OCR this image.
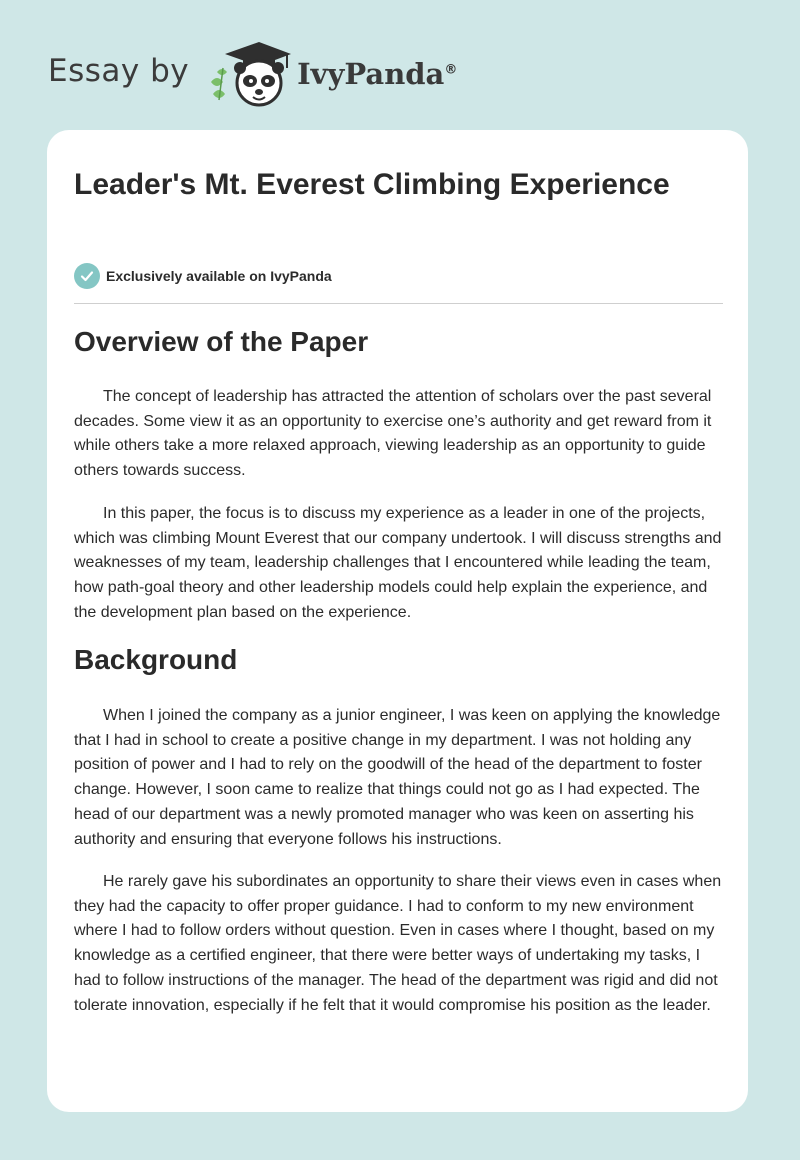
Essay by	IvyPanda®
Leader's Mt. Everest Climbing Experience
Exclusively available on IvyPanda
Overview of the Paper

The concept of leadership has attracted the attention of scholars over the past several decades. Some view it as an opportunity to exercise one’s authority and get reward from it while others take a more relaxed approach, viewing leadership as an opportunity to guide others towards success.

In this paper, the focus is to discuss my experience as a leader in one of the projects, which was climbing Mount Everest that our company undertook. I will discuss strengths and weaknesses of my team, leadership challenges that I encountered while leading the team, how path-goal theory and other leadership models could help explain the experience, and the development plan based on the experience.

Background

When I joined the company as a junior engineer, I was keen on applying the knowledge that I had in school to create a positive change in my department. I was not holding any position of power and I had to rely on the goodwill of the head of the department to foster change. However, I soon came to realize that things could not go as I had expected. The head of our department was a newly promoted manager who was keen on asserting his authority and ensuring that everyone follows his instructions.

He rarely gave his subordinates an opportunity to share their views even in cases when they had the capacity to offer proper guidance. I had to conform to my new environment where I had to follow orders without question. Even in cases where I thought, based on my knowledge as a certified engineer, that there were better ways of undertaking my tasks, I had to follow instructions of the manager. The head of the department was rigid and did not tolerate innovation, especially if he felt that it would compromise his position as the leader.
